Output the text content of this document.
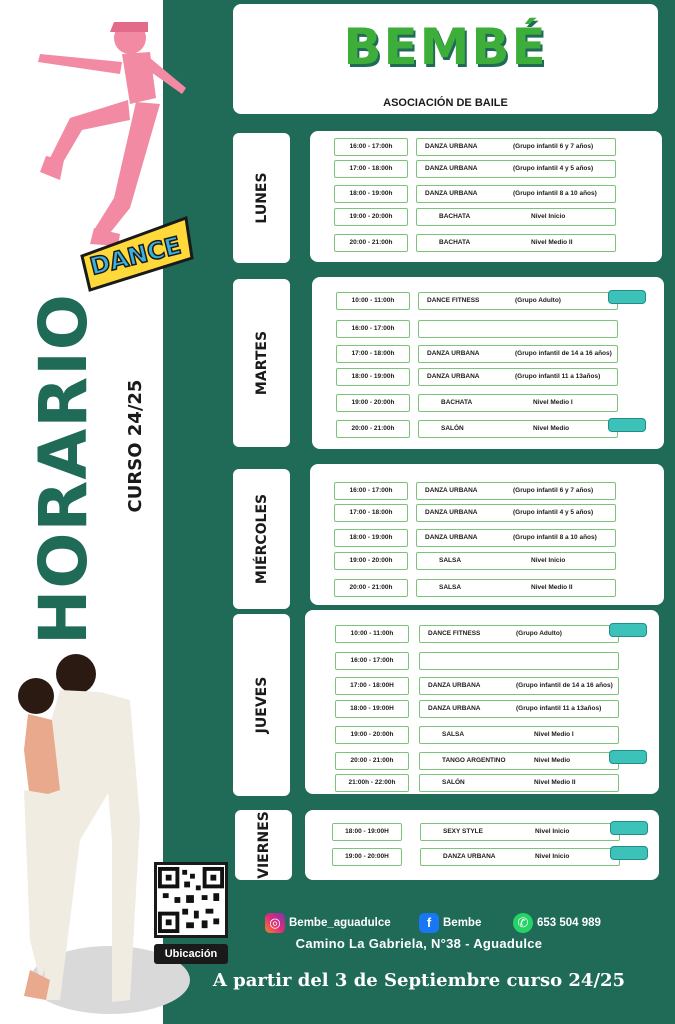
DANCE
HORARIO CURSO 24/25
Ubicación
BEMBÉ
ASOCIACIÓN DE BAILE
LUNES
16:00 - 17:00h	DANZA URBANA	(Grupo infantil 6 y 7 años)
17:00 - 18:00h	DANZA URBANA	(Grupo infantil 4 y 5 años)
18:00 - 19:00h	DANZA URBANA	(Grupo infantil 8 a 10 años)
19:00 - 20:00h	BACHATA	Nivel Inicio
20:00 - 21:00h	BACHATA	Nivel Medio II
MARTES
10:00 - 11:00h	DANCE FITNESS	(Grupo Adulto)
16:00 - 17:00h
17:00 - 18:00h	DANZA URBANA	(Grupo infantil de 14 a 16 años)
18:00 - 19:00h	DANZA URBANA	(Grupo infantil 11 a 13años)
19:00 - 20:00h	BACHATA	Nivel Medio I
20:00 - 21:00h	SALÓN	Nivel Medio
MIÉRCOLES
16:00 - 17:00h	DANZA URBANA	(Grupo infantil 6 y 7 años)
17:00 - 18:00h	DANZA URBANA	(Grupo infantil 4 y 5 años)
18:00 - 19:00h	DANZA URBANA	(Grupo infantil 8 a 10 años)
19:00 - 20:00h	SALSA	Nivel Inicio
20:00 - 21:00h	SALSA	Nivel Medio II
JUEVES
10:00 - 11:00h	DANCE FITNESS	(Grupo Adulto)
16:00 - 17:00h
17:00 - 18:00H	DANZA URBANA	(Grupo infantil de 14 a 16 años)
18:00 - 19:00H	DANZA URBANA	(Grupo infantil 11 a 13años)
19:00 - 20:00h	SALSA	Nivel Medio I
20:00 - 21:00h	TANGO ARGENTINO	Nivel Medio
21:00h - 22:00h	SALÓN	Nivel Medio II
VIERNES	18:00 - 19:00H	SEXY STYLE	Nivel Inicio
19:00 - 20:00H	DANZA URBANA	Nivel Inicio
◎ Bembe_aguadulce	f Bembe	✆ 653 504 989
Camino La Gabriela, N°38 - Aguadulce
A partir del 3 de Septiembre curso 24/25
